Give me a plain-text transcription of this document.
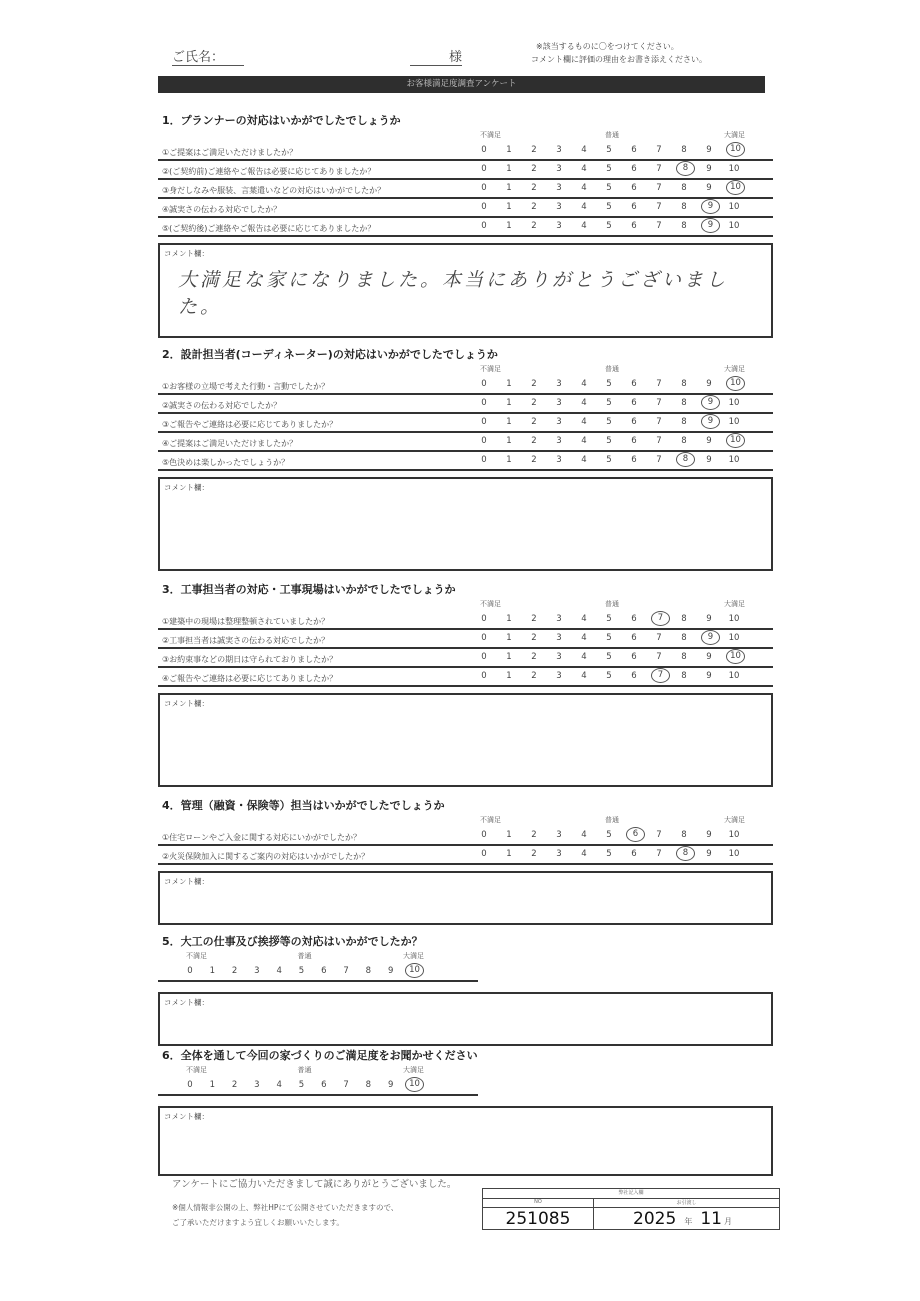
ご氏名：	様
※該当するものに〇をつけてください。
コメント欄に評価の理由をお書き添えください。
お客様満足度調査アンケート
1．プランナーの対応はいかがでしたでしょうか
不満足	普通	大満足
①ご提案はご満足いただけましたか？	0	1	2	3	4	5	6	7	8	9	10
②(ご契約前)ご連絡やご報告は必要に応じてありましたか？	0	1	2	3	4	5	6	7	8	9	10
③身だしなみや服装、言葉遣いなどの対応はいかがでしたか？	0	1	2	3	4	5	6	7	8	9	10
④誠実さの伝わる対応でしたか？	0	1	2	3	4	5	6	7	8	9	10
⑤(ご契約後)ご連絡やご報告は必要に応じてありましたか？	0	1	2	3	4	5	6	7	8	9	10
コメント欄：
大満足な家になりました。本当にありがとうございました。
2．設計担当者(コーディネーター)の対応はいかがでしたでしょうか
不満足	普通	大満足
①お客様の立場で考えた行動・言動でしたか？	0	1	2	3	4	5	6	7	8	9	10
②誠実さの伝わる対応でしたか？	0	1	2	3	4	5	6	7	8	9	10
③ご報告やご連絡は必要に応じてありましたか？	0	1	2	3	4	5	6	7	8	9	10
④ご提案はご満足いただけましたか？	0	1	2	3	4	5	6	7	8	9	10
⑤色決めは楽しかったでしょうか？	0	1	2	3	4	5	6	7	8	9	10
コメント欄：
3．工事担当者の対応・工事現場はいかがでしたでしょうか
不満足	普通	大満足
①建築中の現場は整理整頓されていましたか？	0	1	2	3	4	5	6	7	8	9	10
②工事担当者は誠実さの伝わる対応でしたか？	0	1	2	3	4	5	6	7	8	9	10
③お約束事などの期日は守られておりましたか？	0	1	2	3	4	5	6	7	8	9	10
④ご報告やご連絡は必要に応じてありましたか？	0	1	2	3	4	5	6	7	8	9	10
コメント欄：
4．管理（融資・保険等）担当はいかがでしたでしょうか
不満足	普通	大満足
①住宅ローンやご入金に関する対応にいかがでしたか？	0	1	2	3	4	5	6	7	8	9	10
②火災保険加入に関するご案内の対応はいかがでしたか？	0	1	2	3	4	5	6	7	8	9	10
コメント欄：
5．大工の仕事及び挨拶等の対応はいかがでしたか？
不満足	普通	大満足
0	1	2	3	4	5	6	7	8	9	10
コメント欄：
6．全体を通して今回の家づくりのご満足度をお聞かせください
不満足	普通	大満足
0	1	2	3	4	5	6	7	8	9	10
コメント欄：
アンケートにご協力いただきまして誠にありがとうございました。
※個人情報非公開の上、弊社HPにて公開させていただきますので、
ご了承いただけますよう宜しくお願いいたします。
弊社記入欄
NO
251085
お引渡し
2025 年 11 月
